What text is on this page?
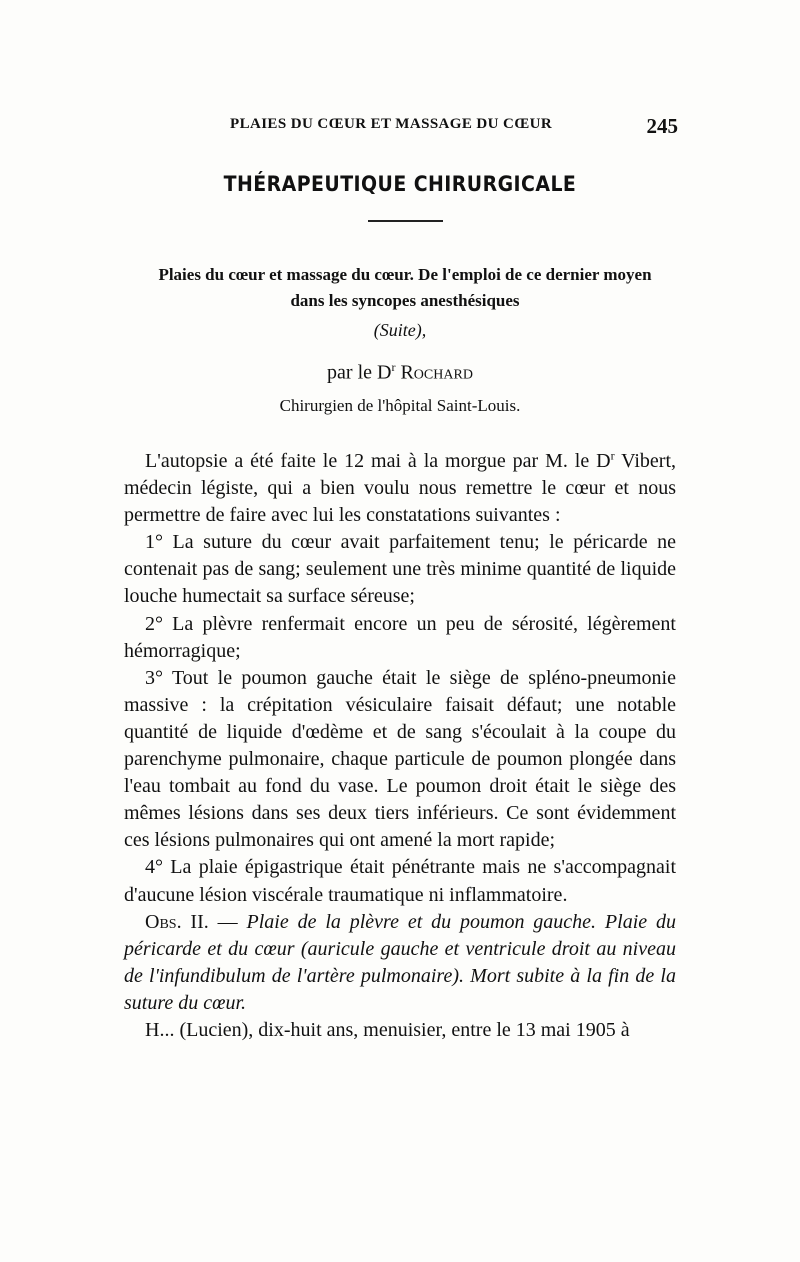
PLAIES DU CŒUR ET MASSAGE DU CŒUR	245
THÉRAPEUTIQUE CHIRURGICALE
Plaies du cœur et massage du cœur. De l'emploi de ce dernier moyen dans les syncopes anesthésiques
(Suite),
par le $D^r$ Rochard
Chirurgien de l'hôpital Saint-Louis.

L'autopsie a été faite le 12 mai à la morgue par M. le $D^r$ Vibert, médecin légiste, qui a bien voulu nous remettre le cœur et nous permettre de faire avec lui les constatations suivantes :

1° La suture du cœur avait parfaitement tenu; le péricarde ne contenait pas de sang; seulement une très minime quantité de liquide louche humectait sa surface séreuse;

2° La plèvre renfermait encore un peu de sérosité, légèrement hémorragique;

3° Tout le poumon gauche était le siège de spléno-pneumonie massive : la crépitation vésiculaire faisait défaut; une notable quantité de liquide d'œdème et de sang s'écoulait à la coupe du parenchyme pulmonaire, chaque particule de poumon plongée dans l'eau tombait au fond du vase. Le poumon droit était le siège des mêmes lésions dans ses deux tiers inférieurs. Ce sont évidemment ces lésions pulmonaires qui ont amené la mort rapide;

4° La plaie épigastrique était pénétrante mais ne s'accompagnait d'aucune lésion viscérale traumatique ni inflammatoire.

Obs. II. — Plaie de la plèvre et du poumon gauche. Plaie du péricarde et du cœur (auricule gauche et ventricule droit au niveau de l'infundibulum de l'artère pulmonaire). Mort subite à la fin de la suture du cœur.

H... (Lucien), dix-huit ans, menuisier, entre le 13 mai 1905 à
